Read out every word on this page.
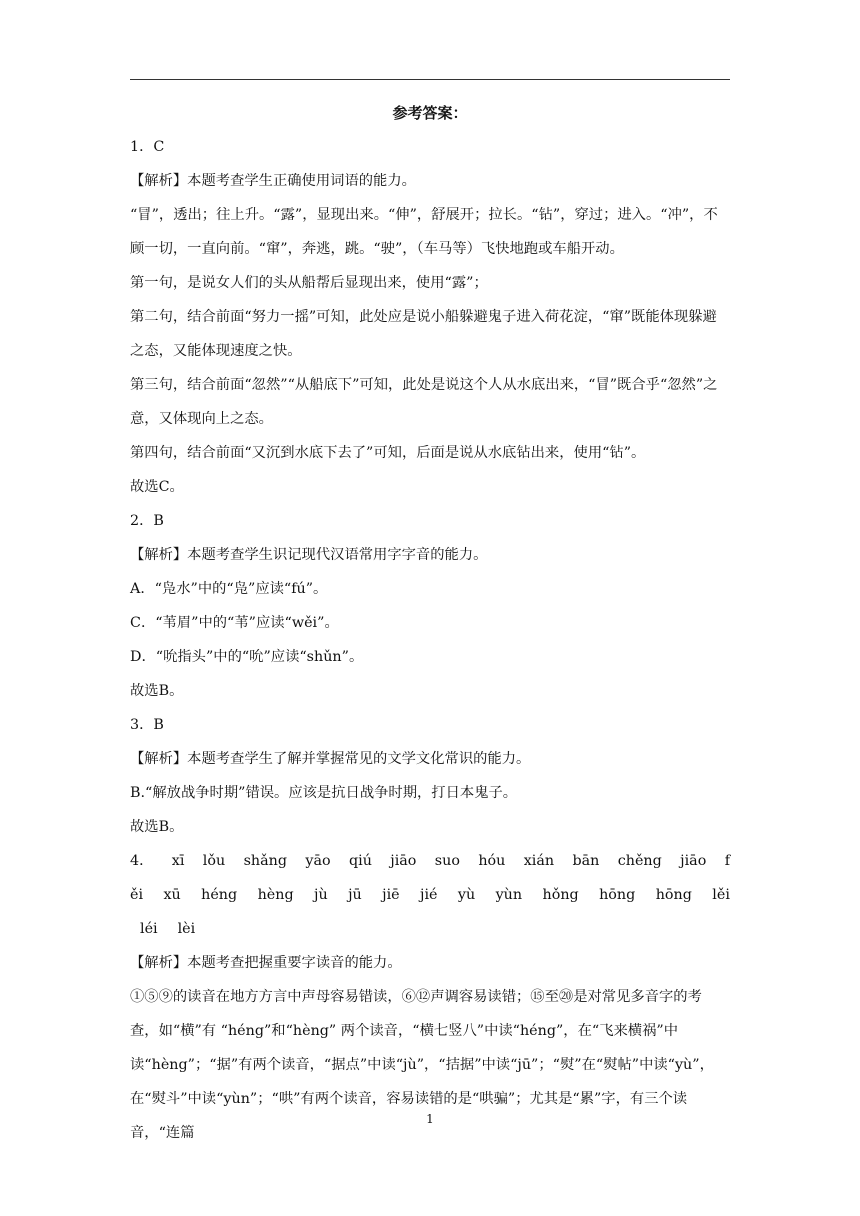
参考答案：

1．C

【解析】本题考查学生正确使用词语的能力。

“冒”，透出；往上升。“露”，显现出来。“伸”，舒展开；拉长。“钻”，穿过；进入。“冲”，不顾一切，一直向前。“窜”，奔逃，跳。“驶”，（车马等）飞快地跑或车船开动。

第一句，是说女人们的头从船帮后显现出来，使用“露”；

第二句，结合前面“努力一摇”可知，此处应是说小船躲避鬼子进入荷花淀，“窜”既能体现躲避之态，又能体现速度之快。

第三句，结合前面“忽然”“从船底下”可知，此处是说这个人从水底出来，“冒”既合乎“忽然”之意，又体现向上之态。

第四句，结合前面“又沉到水底下去了”可知，后面是说从水底钻出来，使用“钻”。

故选C。

2．B

【解析】本题考查学生识记现代汉语常用字字音的能力。

A．“凫水”中的“凫”应读“fú”。

C．“苇眉”中的“苇”应读“wěi”。

D．“吮指头”中的“吮”应读“shǔn”。

故选B。

3．B

【解析】本题考查学生了解并掌握常见的文学文化常识的能力。

B.“解放战争时期”错误。应该是抗日战争时期，打日本鬼子。

故选B。

4． xī lǒu shǎng yāo qiú jiāo suo hóu xián bān chěng jiāo f
ěi xū héng hèng jù jū jiē jié yù yùn hǒng hōng hōng lěi
léi lèi

【解析】本题考查把握重要字读音的能力。

①⑤⑨的读音在地方方言中声母容易错读，⑥⑫声调容易读错；⑮至⑳是对常见多音字的考查，如“横”有 “héng”和“hèng” 两个读音，“横七竖八”中读“héng”，在“飞来横祸”中读“hèng”；“据”有两个读音，“据点”中读“jù”，“拮据”中读“jū”；“熨”在“熨帖”中读“yù”，在“熨斗”中读“yùn”；“哄”有两个读音，容易读错的是“哄骗”；尤其是“累”字，有三个读音，“连篇

1
